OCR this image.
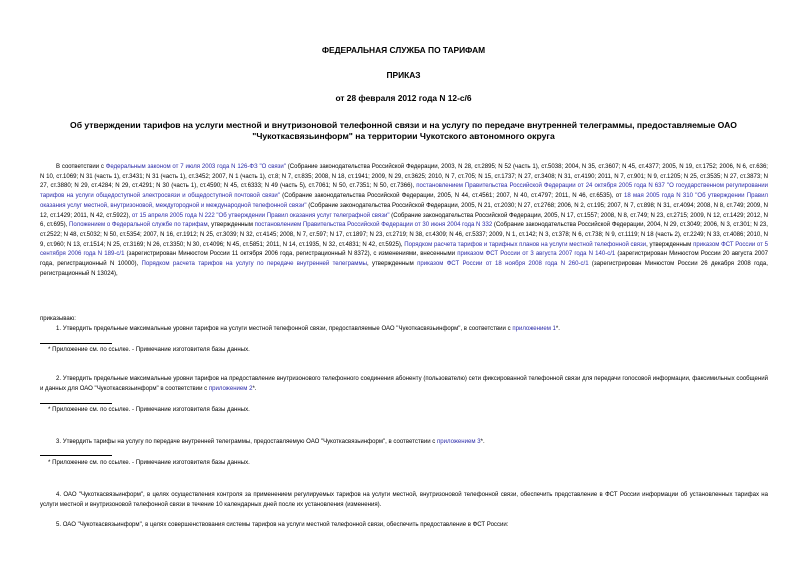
ФЕДЕРАЛЬНАЯ СЛУЖБА ПО ТАРИФАМ
ПРИКАЗ
от 28 февраля 2012 года N 12-с/6
Об утверждении тарифов на услуги местной и внутризоновой телефонной связи и на услугу по передаче внутренней телеграммы, предоставляемые ОАО "Чукоткасвязьинформ" на территории Чукотского автономного округа
В соответствии с Федеральным законом от 7 июля 2003 года N 126-ФЗ "О связи" (Собрание законодательства Российской Федерации, 2003, N 28, ст.2895; N 52 (часть 1), ст.5038; 2004, N 35, ст.3607; N 45, ст.4377; 2005, N 19, ст.1752; 2006, N 6, ст.636; N 10, ст.1069; N 31 (часть 1), ст.3431; N 31 (часть 1), ст.3452; 2007, N 1 (часть 1), ст.8; N 7, ст.835; 2008, N 18, ст.1941; 2009, N 29, ст.3625; 2010, N 7, ст.705; N 15, ст.1737; N 27, ст.3408; N 31, ст.4190; 2011, N 7, ст.901; N 9, ст.1205; N 25, ст.3535; N 27, ст.3873; N 27, ст.3880; N 29, ст.4284; N 29, ст.4291; N 30 (часть 1), ст.4590; N 45, ст.6333; N 49 (часть 5), ст.7061; N 50, ст.7351; N 50, ст.7366), постановлением Правительства Российской Федерации от 24 октября 2005 года N 637 "О государственном регулировании тарифов на услуги общедоступной электросвязи и общедоступной почтовой связи" (Собрание законодательства Российской Федерации, 2005, N 44, ст.4561; 2007, N 40, ст.4797; 2011, N 46, ст.6535), от 18 мая 2005 года N 310 "Об утверждении Правил оказания услуг местной, внутризоновой, междугородной и международной телефонной связи" (Собрание законодательства Российской Федерации, 2005, N 21, ст.2030; N 27, ст.2768; 2006, N 2, ст.195; 2007, N 7, ст.898; N 31, ст.4094; 2008, N 8, ст.749; 2009, N 12, ст.1429; 2011, N 42, ст.5922), от 15 апреля 2005 года N 222 "Об утверждении Правил оказания услуг телеграфной связи" (Собрание законодательства Российской Федерации, 2005, N 17, ст.1557; 2008, N 8, ст.749; N 23, ст.2715; 2009, N 12, ст.1429; 2012, N 6, ст.695), Положением о Федеральной службе по тарифам, утвержденным постановлением Правительства Российской Федерации от 30 июня 2004 года N 332 (Собрание законодательства Российской Федерации, 2004, N 29, ст.3049; 2006, N 3, ст.301; N 23, ст.2522; N 48, ст.5032; N 50, ст.5354; 2007, N 16, ст.1912; N 25, ст.3039; N 32, ст.4145; 2008, N 7, ст.597; N 17, ст.1897; N 23, ст.2719; N 38, ст.4309; N 46, ст.5337; 2009, N 1, ст.142; N 3, ст.378; N 6, ст.738; N 9, ст.1119; N 18 (часть 2), ст.2249; N 33, ст.4086; 2010, N 9, ст.960; N 13, ст.1514; N 25, ст.3169; N 26, ст.3350; N 30, ст.4096; N 45, ст.5851; 2011, N 14, ст.1935, N 32, ст.4831; N 42, ст.5925), Порядком расчета тарифов и тарифных планов на услуги местной телефонной связи, утвержденным приказом ФСТ России от 5 сентября 2006 года N 189-с/1 (зарегистрирован Минюстом России 11 октября 2006 года, регистрационный N 8372), с изменениями, внесенными приказом ФСТ России от 3 августа 2007 года N 140-с/1 (зарегистрирован Минюстом России 20 августа 2007 года, регистрационный N 10000), Порядком расчета тарифов на услугу по передаче внутренней телеграммы, утвержденным приказом ФСТ России от 18 ноября 2008 года N 260-с/1 (зарегистрирован Минюстом России 26 декабря 2008 года, регистрационный N 13024),
приказываю:
1. Утвердить предельные максимальные уровни тарифов на услуги местной телефонной связи, предоставляемые ОАО "Чукоткасвязьинформ", в соответствии с приложением 1*.
* Приложение см. по ссылке. - Примечание изготовителя базы данных.
2. Утвердить предельные максимальные уровни тарифов на предоставление внутризонового телефонного соединения абоненту (пользователю) сети фиксированной телефонной связи для передачи голосовой информации, факсимильных сообщений и данных для ОАО "Чукоткасвязьинформ" в соответствии с приложением 2*.
* Приложение см. по ссылке. - Примечание изготовителя базы данных.
3. Утвердить тарифы на услугу по передаче внутренней телеграммы, предоставляемую ОАО "Чукоткасвязьинформ", в соответствии с приложением 3*.
* Приложение см. по ссылке. - Примечание изготовителя базы данных.
4. ОАО "Чукоткасвязьинформ", в целях осуществления контроля за применением регулируемых тарифов на услуги местной, внутризоновой телефонной связи, обеспечить представление в ФСТ России информации об установленных тарифах на услуги местной и внутризоновой телефонной связи в течение 10 календарных дней после их установления (изменения).
5. ОАО "Чукоткасвязьинформ", в целях совершенствования системы тарифов на услуги местной телефонной связи, обеспечить предоставление в ФСТ России:
